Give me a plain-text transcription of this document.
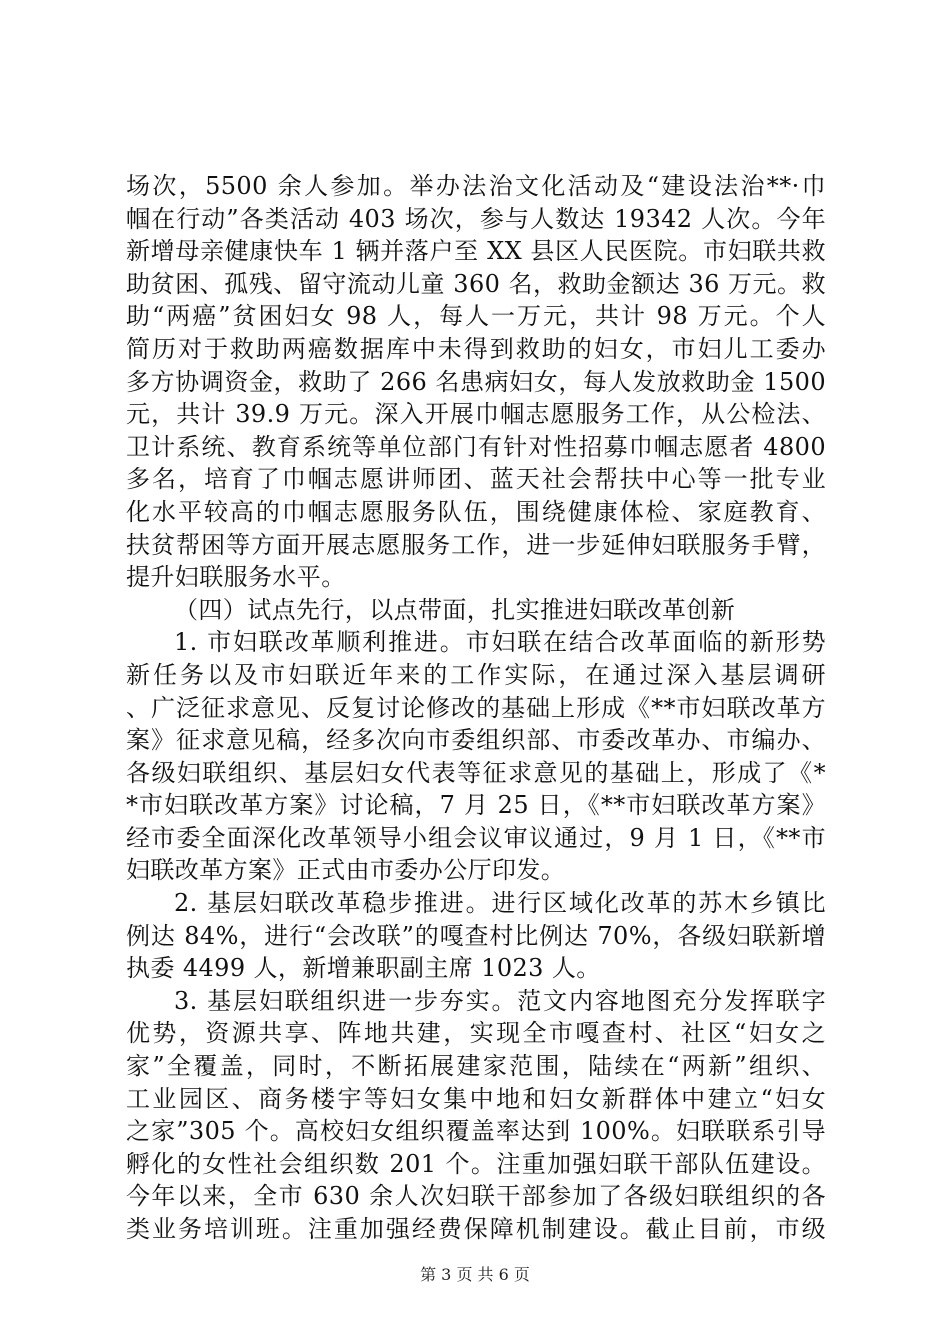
场次，5500 余人参加。举办法治文化活动及“建设法治**·巾
帼在行动”各类活动 403 场次，参与人数达 19342 人次。今年
新增母亲健康快车 1 辆并落户至 XX 县区人民医院。市妇联共救
助贫困、孤残、留守流动儿童 360 名，救助金额达 36 万元。救
助“两癌”贫困妇女 98 人，每人一万元，共计 98 万元。个人
简历对于救助两癌数据库中未得到救助的妇女，市妇儿工委办
多方协调资金，救助了 266 名患病妇女，每人发放救助金 1500
元，共计 39.9 万元。深入开展巾帼志愿服务工作，从公检法、
卫计系统、教育系统等单位部门有针对性招募巾帼志愿者 4800
多名，培育了巾帼志愿讲师团、蓝天社会帮扶中心等一批专业
化水平较高的巾帼志愿服务队伍，围绕健康体检、家庭教育、
扶贫帮困等方面开展志愿服务工作，进一步延伸妇联服务手臂，
提升妇联服务水平。
（四）试点先行，以点带面，扎实推进妇联改革创新
1. 市妇联改革顺利推进。市妇联在结合改革面临的新形势
新任务以及市妇联近年来的工作实际，在通过深入基层调研
、广泛征求意见、反复讨论修改的基础上形成《**市妇联改革方
案》征求意见稿，经多次向市委组织部、市委改革办、市编办、
各级妇联组织、基层妇女代表等征求意见的基础上，形成了《*
*市妇联改革方案》讨论稿，7 月 25 日，《**市妇联改革方案》
经市委全面深化改革领导小组会议审议通过，9 月 1 日，《**市
妇联改革方案》正式由市委办公厅印发。
2. 基层妇联改革稳步推进。进行区域化改革的苏木乡镇比
例达 84%，进行“会改联”的嘎查村比例达 70%，各级妇联新增
执委 4499 人，新增兼职副主席 1023 人。
3. 基层妇联组织进一步夯实。范文内容地图充分发挥联字
优势，资源共享、阵地共建，实现全市嘎查村、社区“妇女之
家”全覆盖，同时，不断拓展建家范围，陆续在“两新”组织、
工业园区、商务楼宇等妇女集中地和妇女新群体中建立“妇女
之家”305 个。高校妇女组织覆盖率达到 100%。妇联联系引导
孵化的女性社会组织数 201 个。注重加强妇联干部队伍建设。
今年以来，全市 630 余人次妇联干部参加了各级妇联组织的各
类业务培训班。注重加强经费保障机制建设。截止目前，市级
第 3 页 共 6 页
